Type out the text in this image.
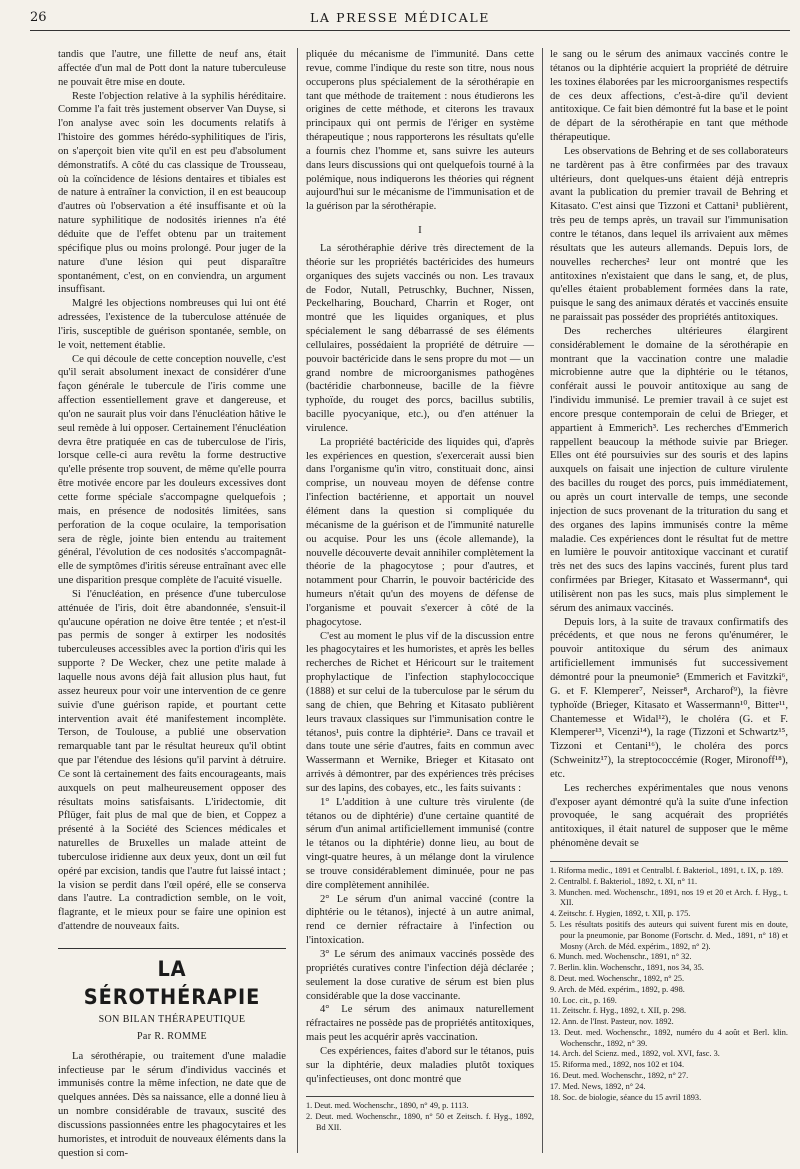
26	LA PRESSE MÉDICALE

tandis que l'autre, une fillette de neuf ans, était affectée d'un mal de Pott dont la nature tuberculeuse ne pouvait être mise en doute.

Reste l'objection relative à la syphilis héréditaire. Comme l'a fait très justement observer Van Duyse, si l'on analyse avec soin les documents relatifs à l'histoire des gommes hérédo-syphilitiques de l'iris, on s'aperçoit bien vite qu'il en est peu d'absolument démonstratifs. A côté du cas classique de Trousseau, où la coïncidence de lésions dentaires et tibiales est de nature à entraîner la conviction, il en est beaucoup d'autres où l'observation a été insuffisante et où la nature syphilitique de nodosités iriennes n'a été déduite que de l'effet obtenu par un traitement spécifique plus ou moins prolongé. Pour juger de la nature d'une lésion qui peut disparaître spontanément, c'est, on en conviendra, un argument insuffisant.

Malgré les objections nombreuses qui lui ont été adressées, l'existence de la tuberculose atténuée de l'iris, susceptible de guérison spontanée, semble, on le voit, nettement établie.

Ce qui découle de cette conception nouvelle, c'est qu'il serait absolument inexact de considérer d'une façon générale le tubercule de l'iris comme une affection essentiellement grave et dangereuse, et qu'on ne saurait plus voir dans l'énucléation hâtive le seul remède à lui opposer. Certainement l'énucléation devra être pratiquée en cas de tuberculose de l'iris, lorsque celle-ci aura revêtu la forme destructive qu'elle présente trop souvent, de même qu'elle pourra être motivée encore par les douleurs excessives dont cette forme spéciale s'accompagne quelquefois ; mais, en présence de nodosités limitées, sans perforation de la coque oculaire, la temporisation sera de règle, jointe bien entendu au traitement général, l'évolution de ces nodosités s'accompagnât-elle de symptômes d'iritis séreuse entraînant avec elle une disparition presque complète de l'acuité visuelle.

Si l'énucléation, en présence d'une tuberculose atténuée de l'iris, doit être abandonnée, s'ensuit-il qu'aucune opération ne doive être tentée ; et n'est-il pas permis de songer à extirper les nodosités tuberculeuses accessibles avec la portion d'iris qui les supporte ? De Wecker, chez une petite malade à laquelle nous avons déjà fait allusion plus haut, fut assez heureux pour voir une intervention de ce genre suivie d'une guérison rapide, et pourtant cette intervention avait été manifestement incomplète. Terson, de Toulouse, a publié une observation remarquable tant par le résultat heureux qu'il obtint que par l'étendue des lésions qu'il parvint à détruire. Ce sont là certainement des faits encourageants, mais auxquels on peut malheureusement opposer des résultats moins satisfaisants. L'iridectomie, dit Pflüger, fait plus de mal que de bien, et Coppez a présenté à la Société des Sciences médicales et naturelles de Bruxelles un malade atteint de tuberculose iridienne aux deux yeux, dont un œil fut opéré par excision, tandis que l'autre fut laissé intact ; la vision se perdit dans l'œil opéré, elle se conserva dans l'autre. La contradiction semble, on le voit, flagrante, et le mieux pour se faire une opinion est d'attendre de nouveaux faits.

LA SÉROTHÉRAPIE
SON BILAN THÉRAPEUTIQUE
Par R. ROMME

La sérothérapie, ou traitement d'une maladie infectieuse par le sérum d'individus vaccinés et immunisés contre la même infection, ne date que de quelques années. Dès sa naissance, elle a donné lieu à un nombre considérable de travaux, suscité des discussions passionnées entre les phagocytaires et les humoristes, et introduit de nouveaux éléments dans la question si com-

pliquée du mécanisme de l'immunité. Dans cette revue, comme l'indique du reste son titre, nous nous occuperons plus spécialement de la sérothérapie en tant que méthode de traitement : nous étudierons les origines de cette méthode, et citerons les travaux principaux qui ont permis de l'ériger en système thérapeutique ; nous rapporterons les résultats qu'elle a fournis chez l'homme et, sans suivre les auteurs dans leurs discussions qui ont quelquefois tourné à la polémique, nous indiquerons les théories qui régnent aujourd'hui sur le mécanisme de l'immunisation et de la guérison par la sérothérapie.

I

La sérothéraphie dérive très directement de la théorie sur les propriétés bactéricides des humeurs organiques des sujets vaccinés ou non. Les travaux de Fodor, Nutall, Petruschky, Buchner, Nissen, Peckelharing, Bouchard, Charrin et Roger, ont montré que les liquides organiques, et plus spécialement le sang débarrassé de ses éléments cellulaires, possédaient la propriété de détruire — pouvoir bactéricide dans le sens propre du mot — un grand nombre de microorganismes pathogènes (bactéridie charbonneuse, bacille de la fièvre typhoïde, du rouget des porcs, bacillus subtilis, bacille pyocyanique, etc.), ou d'en atténuer la virulence.

La propriété bactéricide des liquides qui, d'après les expériences en question, s'exercerait aussi bien dans l'organisme qu'in vitro, constituait donc, ainsi comprise, un nouveau moyen de défense contre l'infection bactérienne, et apportait un nouvel élément dans la question si compliquée du mécanisme de la guérison et de l'immunité naturelle ou acquise. Pour les uns (école allemande), la nouvelle découverte devait annihiler complètement la théorie de la phagocytose ; pour d'autres, et notamment pour Charrin, le pouvoir bactéricide des humeurs n'était qu'un des moyens de défense de l'organisme et pouvait s'exercer à côté de la phagocytose.

C'est au moment le plus vif de la discussion entre les phagocytaires et les humoristes, et après les belles recherches de Richet et Héricourt sur le traitement prophylactique de l'infection staphylococcique (1888) et sur celui de la tuberculose par le sérum du sang de chien, que Behring et Kitasato publièrent leurs travaux classiques sur l'immunisation contre le tétanos¹, puis contre la diphtérie². Dans ce travail et dans toute une série d'autres, faits en commun avec Wassermann et Wernike, Brieger et Kitasato ont arrivés à démontrer, par des expériences très précises sur des lapins, des cobayes, etc., les faits suivants :

1° L'addition à une culture très virulente (de tétanos ou de diphtérie) d'une certaine quantité de sérum d'un animal artificiellement immunisé (contre le tétanos ou la diphtérie) donne lieu, au bout de vingt-quatre heures, à un mélange dont la virulence se trouve considérablement diminuée, pour ne pas dire complètement annihilée.

2° Le sérum d'un animal vacciné (contre la diphtérie ou le tétanos), injecté à un autre animal, rend ce dernier réfractaire à l'infection ou l'intoxication.

3° Le sérum des animaux vaccinés possède des propriétés curatives contre l'infection déjà déclarée ; seulement la dose curative de sérum est bien plus considérable que la dose vaccinante.

4° Le sérum des animaux naturellement réfractaires ne possède pas de propriétés antitoxiques, mais peut les acquérir après vaccination.

Ces expériences, faites d'abord sur le tétanos, puis sur la diphtérie, deux maladies plutôt toxiques qu'infectieuses, ont donc montré que

1. Deut. med. Wochenschr., 1890, n° 49, p. 1113.
2. Deut. med. Wochenschr., 1890, n° 50 et Zeitsch. f. Hyg., 1892, Bd XII.

le sang ou le sérum des animaux vaccinés contre le tétanos ou la diphtérie acquiert la propriété de détruire les toxines élaborées par les microorganismes respectifs de ces deux affections, c'est-à-dire qu'il devient antitoxique. Ce fait bien démontré fut la base et le point de départ de la sérothérapie en tant que méthode thérapeutique.

Les observations de Behring et de ses collaborateurs ne tardèrent pas à être confirmées par des travaux ultérieurs, dont quelques-uns étaient déjà entrepris avant la publication du premier travail de Behring et Kitasato. C'est ainsi que Tizzoni et Cattani¹ publièrent, très peu de temps après, un travail sur l'immunisation contre le tétanos, dans lequel ils arrivaient aux mêmes résultats que les auteurs allemands. Depuis lors, de nouvelles recherches² leur ont montré que les antitoxines n'existaient que dans le sang, et, de plus, qu'elles étaient probablement formées dans la rate, puisque le sang des animaux dératés et vaccinés ensuite ne paraissait pas posséder des propriétés antitoxiques.

Des recherches ultérieures élargirent considérablement le domaine de la sérothérapie en montrant que la vaccination contre une maladie microbienne autre que la diphtérie ou le tétanos, conférait aussi le pouvoir antitoxique au sang de l'individu immunisé. Le premier travail à ce sujet est encore presque contemporain de celui de Brieger, et appartient à Emmerich³. Les recherches d'Emmerich rappellent beaucoup la méthode suivie par Brieger. Elles ont été poursuivies sur des souris et des lapins auxquels on faisait une injection de culture virulente des bacilles du rouget des porcs, puis immédiatement, ou après un court intervalle de temps, une seconde injection de sucs provenant de la trituration du sang et des organes des lapins immunisés contre la même maladie. Ces expériences dont le résultat fut de mettre en lumière le pouvoir antitoxique vaccinant et curatif très net des sucs des lapins vaccinés, furent plus tard confirmées par Brieger, Kitasato et Wassermann⁴, qui utilisèrent non pas les sucs, mais plus simplement le sérum des animaux vaccinés.

Depuis lors, à la suite de travaux confirmatifs des précédents, et que nous ne ferons qu'énumérer, le pouvoir antitoxique du sérum des animaux artificiellement immunisés fut successivement démontré pour la pneumonie⁵ (Emmerich et Favitzki⁶, G. et F. Klemperer⁷, Neisser⁸, Archarof⁹), la fièvre typhoïde (Brieger, Kitasato et Wassermann¹⁰, Bitter¹¹, Chantemesse et Widal¹²), le choléra (G. et F. Klemperer¹³, Vicenzi¹⁴), la rage (Tizzoni et Schwartz¹⁵, Tizzoni et Centani¹⁶), le choléra des porcs (Schweinitz¹⁷), la streptococcémie (Roger, Mironoff¹⁸), etc.

Les recherches expérimentales que nous venons d'exposer ayant démontré qu'à la suite d'une infection provoquée, le sang acquérait des propriétés antitoxiques, il était naturel de supposer que le même phénomène devait se

1. Riforma medic., 1891 et Centralbl. f. Bakteriol., 1891, t. IX, p. 189.
2. Centralbl. f. Bakteriol., 1892, t. XI, n° 11.
3. Munchen. med. Wochenschr., 1891, nos 19 et 20 et Arch. f. Hyg., t. XII.
4. Zeitschr. f. Hygien, 1892, t. XII, p. 175.
5. Les résultats positifs des auteurs qui suivent furent mis en doute, pour la pneumonie, par Bonome (Fortschr. d. Med., 1891, n° 18) et Mosny (Arch. de Méd. expérim., 1892, n° 2).
6. Munch. med. Wochenschr., 1891, n° 32.
7. Berlin. klin. Wochenschr., 1891, nos 34, 35.
8. Deut. med. Wochenschr., 1892, n° 25.
9. Arch. de Méd. expérim., 1892, p. 498.
10. Loc. cit., p. 169.
11. Zeitschr. f. Hyg., 1892, t. XII, p. 298.
12. Ann. de l'Inst. Pasteur, nov. 1892.
13. Deut. med. Wochenschr., 1892, numéro du 4 août et Berl. klin. Wochenschr., 1892, n° 39.
14. Arch. del Scienz. med., 1892, vol. XVI, fasc. 3.
15. Riforma med., 1892, nos 102 et 104.
16. Deut. med. Wochenschr., 1892, n° 27.
17. Med. News, 1892, n° 24.
18. Soc. de biologie, séance du 15 avril 1893.
